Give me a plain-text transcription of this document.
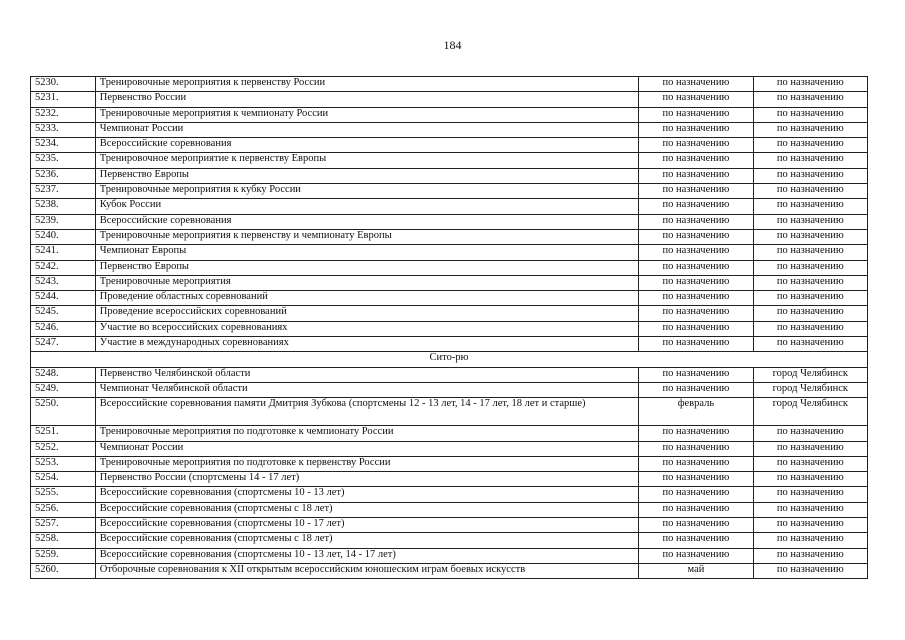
184
5230.	Тренировочные мероприятия к первенству России	по назначению	по назначению
5231.	Первенство России	по назначению	по назначению
5232.	Тренировочные мероприятия к чемпионату России	по назначению	по назначению
5233.	Чемпионат России	по назначению	по назначению
5234.	Всероссийские соревнования	по назначению	по назначению
5235.	Тренировочное мероприятие к первенству Европы	по назначению	по назначению
5236.	Первенство Европы	по назначению	по назначению
5237.	Тренировочные мероприятия к кубку России	по назначению	по назначению
5238.	Кубок России	по назначению	по назначению
5239.	Всероссийские соревнования	по назначению	по назначению
5240.	Тренировочные мероприятия к первенству и чемпионату Европы	по назначению	по назначению
5241.	Чемпионат Европы	по назначению	по назначению
5242.	Первенство Европы	по назначению	по назначению
5243.	Тренировочные мероприятия	по назначению	по назначению
5244.	Проведение областных соревнований	по назначению	по назначению
5245.	Проведение всероссийских соревнований	по назначению	по назначению
5246.	Участие во всероссийских соревнованиях	по назначению	по назначению
5247.	Участие в международных соревнованиях	по назначению	по назначению
Сито-рю			
5248.	Первенство Челябинской области	по назначению	город Челябинск
5249.	Чемпионат Челябинской области	по назначению	город Челябинск
5250.	Всероссийские соревнования памяти Дмитрия Зубкова (спортсмены 12 - 13 лет, 14 - 17 лет, 18 лет и старше)	февраль	город Челябинск
5251.	Тренировочные мероприятия по подготовке к чемпионату России	по назначению	по назначению
5252.	Чемпионат России	по назначению	по назначению
5253.	Тренировочные мероприятия по подготовке к первенству России	по назначению	по назначению
5254.	Первенство России (спортсмены 14 - 17 лет)	по назначению	по назначению
5255.	Всероссийские соревнования (спортсмены 10 - 13 лет)	по назначению	по назначению
5256.	Всероссийские соревнования (спортсмены с 18 лет)	по назначению	по назначению
5257.	Всероссийские соревнования (спортсмены 10 - 17 лет)	по назначению	по назначению
5258.	Всероссийские соревнования (спортсмены с 18 лет)	по назначению	по назначению
5259.	Всероссийские соревнования (спортсмены 10 - 13 лет, 14 - 17 лет)	по назначению	по назначению
5260.	Отборочные соревнования к XII открытым всероссийским юношеским играм боевых искусств	май	по назначению
